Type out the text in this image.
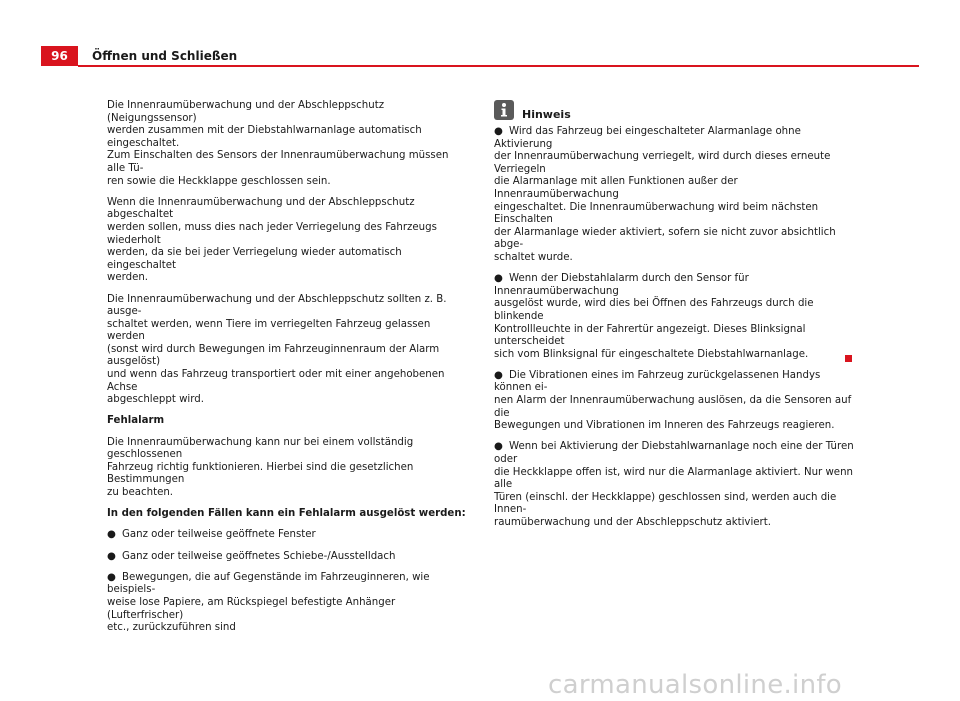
96	Öffnen und Schließen

Die Innenraumüberwachung und der Abschleppschutz (Neigungssensor)
werden zusammen mit der Diebstahlwarnanlage automatisch eingeschaltet.
Zum Einschalten des Sensors der Innenraumüberwachung müssen alle Tü-
ren sowie die Heckklappe geschlossen sein.

Wenn die Innenraumüberwachung und der Abschleppschutz abgeschaltet
werden sollen, muss dies nach jeder Verriegelung des Fahrzeugs wiederholt
werden, da sie bei jeder Verriegelung wieder automatisch eingeschaltet
werden.

Die Innenraumüberwachung und der Abschleppschutz sollten z. B. ausge-
schaltet werden, wenn Tiere im verriegelten Fahrzeug gelassen werden
(sonst wird durch Bewegungen im Fahrzeuginnenraum der Alarm ausgelöst)
und wenn das Fahrzeug transportiert oder mit einer angehobenen Achse
abgeschleppt wird.

Fehlalarm

Die Innenraumüberwachung kann nur bei einem vollständig geschlossenen
Fahrzeug richtig funktionieren. Hierbei sind die gesetzlichen Bestimmungen
zu beachten.

In den folgenden Fällen kann ein Fehlalarm ausgelöst werden:

● Ganz oder teilweise geöffnete Fenster
● Ganz oder teilweise geöffnetes Schiebe-/Ausstelldach
● Bewegungen, die auf Gegenstände im Fahrzeuginneren, wie beispiels-
weise lose Papiere, am Rückspiegel befestigte Anhänger (Lufterfrischer)
etc., zurückzuführen sind
Hinweis
● Wird das Fahrzeug bei eingeschalteter Alarmanlage ohne Aktivierung
der Innenraumüberwachung verriegelt, wird durch dieses erneute Verriegeln
die Alarmanlage mit allen Funktionen außer der Innenraumüberwachung
eingeschaltet. Die Innenraumüberwachung wird beim nächsten Einschalten
der Alarmanlage wieder aktiviert, sofern sie nicht zuvor absichtlich abge-
schaltet wurde.
● Wenn der Diebstahlalarm durch den Sensor für Innenraumüberwachung
ausgelöst wurde, wird dies bei Öffnen des Fahrzeugs durch die blinkende
Kontrollleuchte in der Fahrertür angezeigt. Dieses Blinksignal unterscheidet
sich vom Blinksignal für eingeschaltete Diebstahlwarnanlage.
● Die Vibrationen eines im Fahrzeug zurückgelassenen Handys können ei-
nen Alarm der Innenraumüberwachung auslösen, da die Sensoren auf die
Bewegungen und Vibrationen im Inneren des Fahrzeugs reagieren.
● Wenn bei Aktivierung der Diebstahlwarnanlage noch eine der Türen oder
die Heckklappe offen ist, wird nur die Alarmanlage aktiviert. Nur wenn alle
Türen (einschl. der Heckklappe) geschlossen sind, werden auch die Innen-
raumüberwachung und der Abschleppschutz aktiviert.
carmanualsonline.info
